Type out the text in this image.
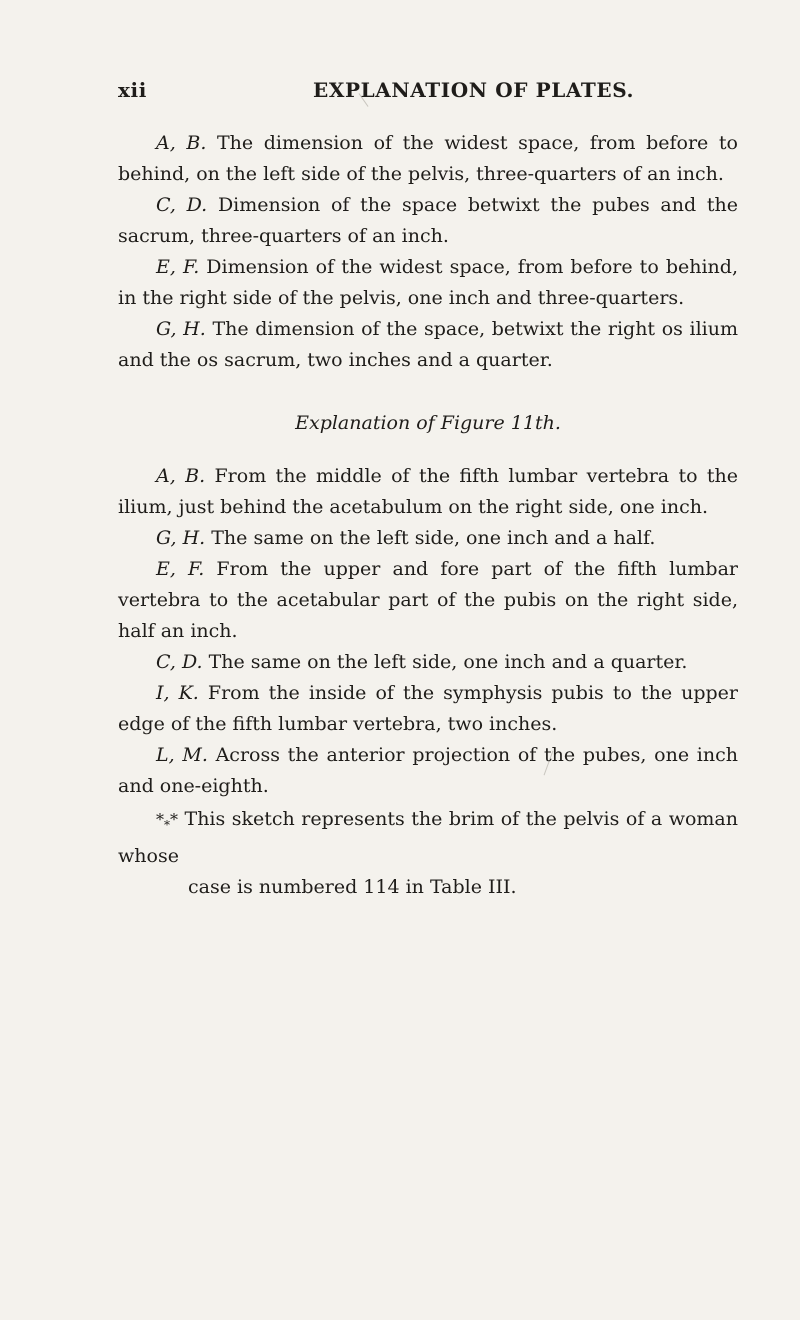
xii	EXPLANATION OF PLATES.

A, B. The dimension of the widest space, from before to behind, on the left side of the pelvis, three-quarters of an inch.

C, D. Dimension of the space betwixt the pubes and the sacrum, three-quarters of an inch.

E, F. Dimension of the widest space, from before to behind, in the right side of the pelvis, one inch and three-quarters.

G, H. The dimension of the space, betwixt the right os ilium and the os sacrum, two inches and a quarter.

Explanation of Figure 11th.

A, B. From the middle of the fifth lumbar vertebra to the ilium, just behind the acetabulum on the right side, one inch.

G, H. The same on the left side, one inch and a half.

E, F. From the upper and fore part of the fifth lumbar vertebra to the acetabular part of the pubis on the right side, half an inch.

C, D. The same on the left side, one inch and a quarter.

I, K. From the inside of the symphysis pubis to the upper edge of the fifth lumbar vertebra, two inches.

L, M. Across the anterior projection of the pubes, one inch and one-eighth.

$*_**$ This sketch represents the brim of the pelvis of a woman whose

case is numbered 114 in Table III.
